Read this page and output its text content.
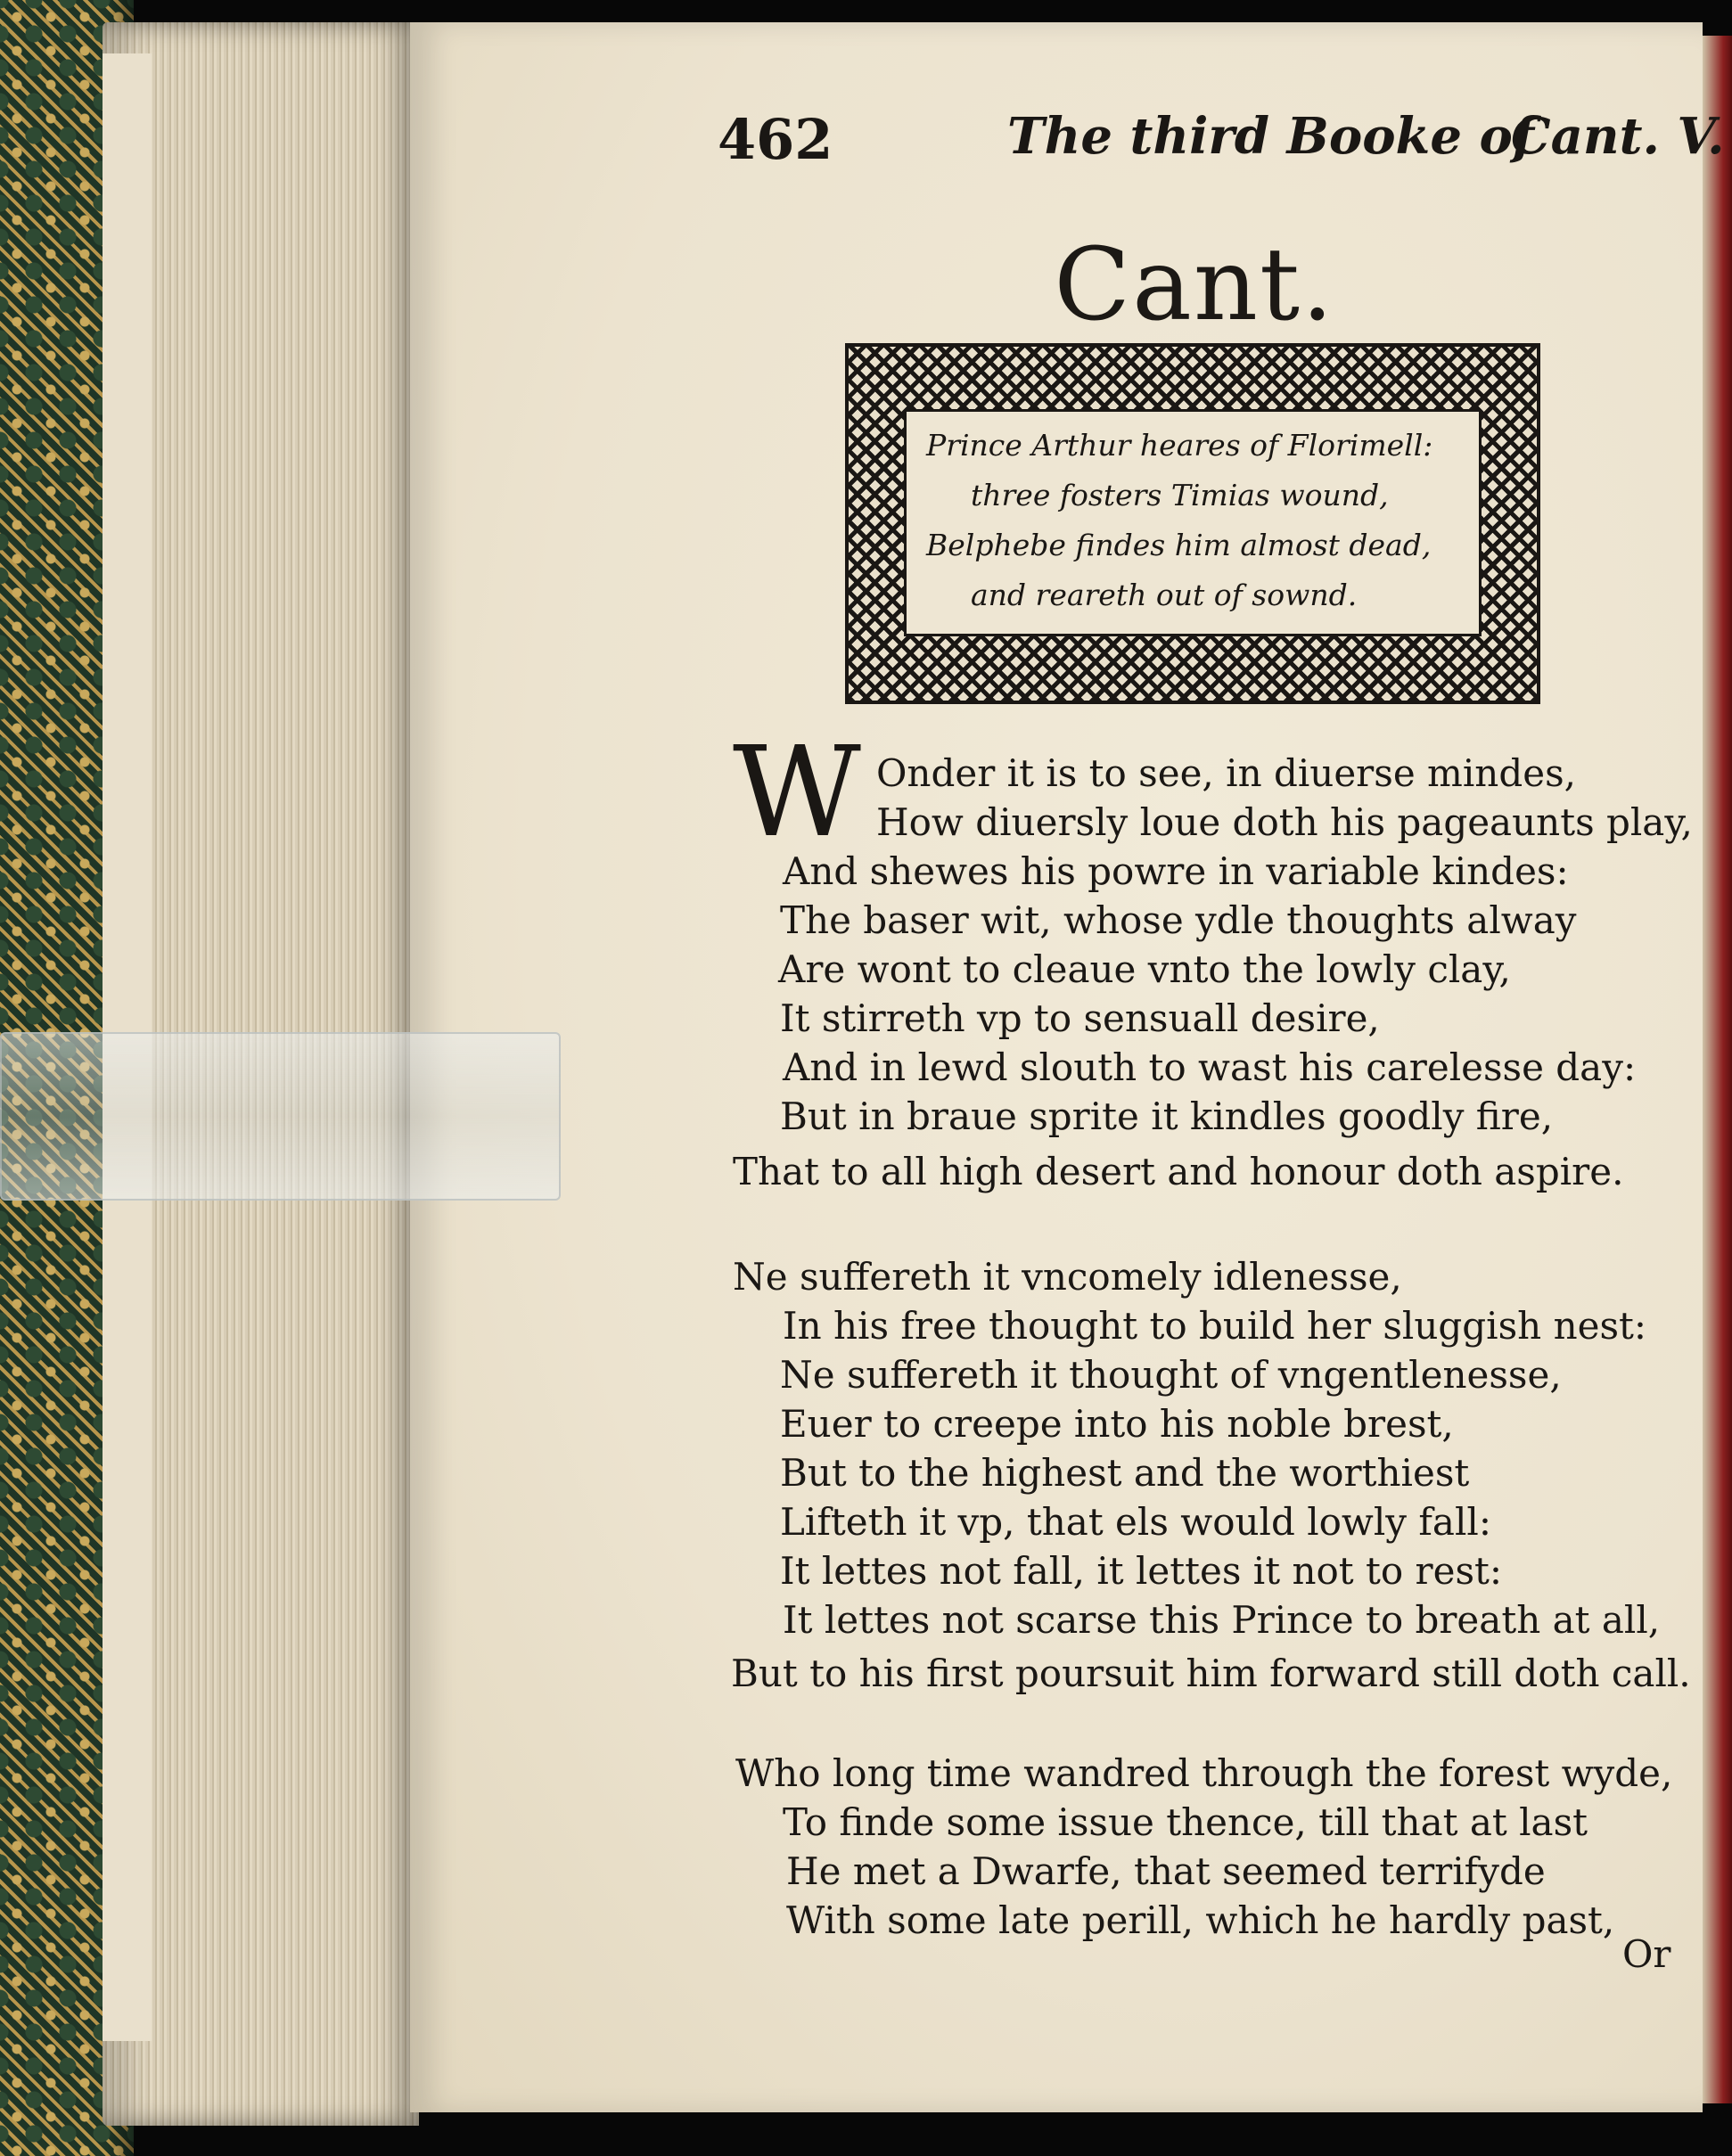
462	The third Booke of
Cant. V.
Cant.
Prince Arthur heares of Florimell:
three fosters Timias wound,
Belphebe findes him almost dead,
and reareth out of sownd.
W Onder it is to see, in diuerse mindes,
How diuersly loue doth his pageaunts play,
And shewes his powre in variable kindes:
The baser wit, whose ydle thoughts alway
Are wont to cleaue vnto the lowly clay,
It stirreth vp to sensuall desire,
And in lewd slouth to wast his carelesse day:
But in braue sprite it kindles goodly fire,
That to all high desert and honour doth aspire.
Ne suffereth it vncomely idlenesse,
In his free thought to build her sluggish nest:
Ne suffereth it thought of vngentlenesse,
Euer to creepe into his noble brest,
But to the highest and the worthiest
Lifteth it vp, that els would lowly fall:
It lettes not fall, it lettes it not to rest:
It lettes not scarse this Prince to breath at all,
But to his first poursuit him forward still doth call.
Who long time wandred through the forest wyde,
To finde some issue thence, till that at last
He met a Dwarfe, that seemed terrifyde
With some late perill, which he hardly past,
Or
